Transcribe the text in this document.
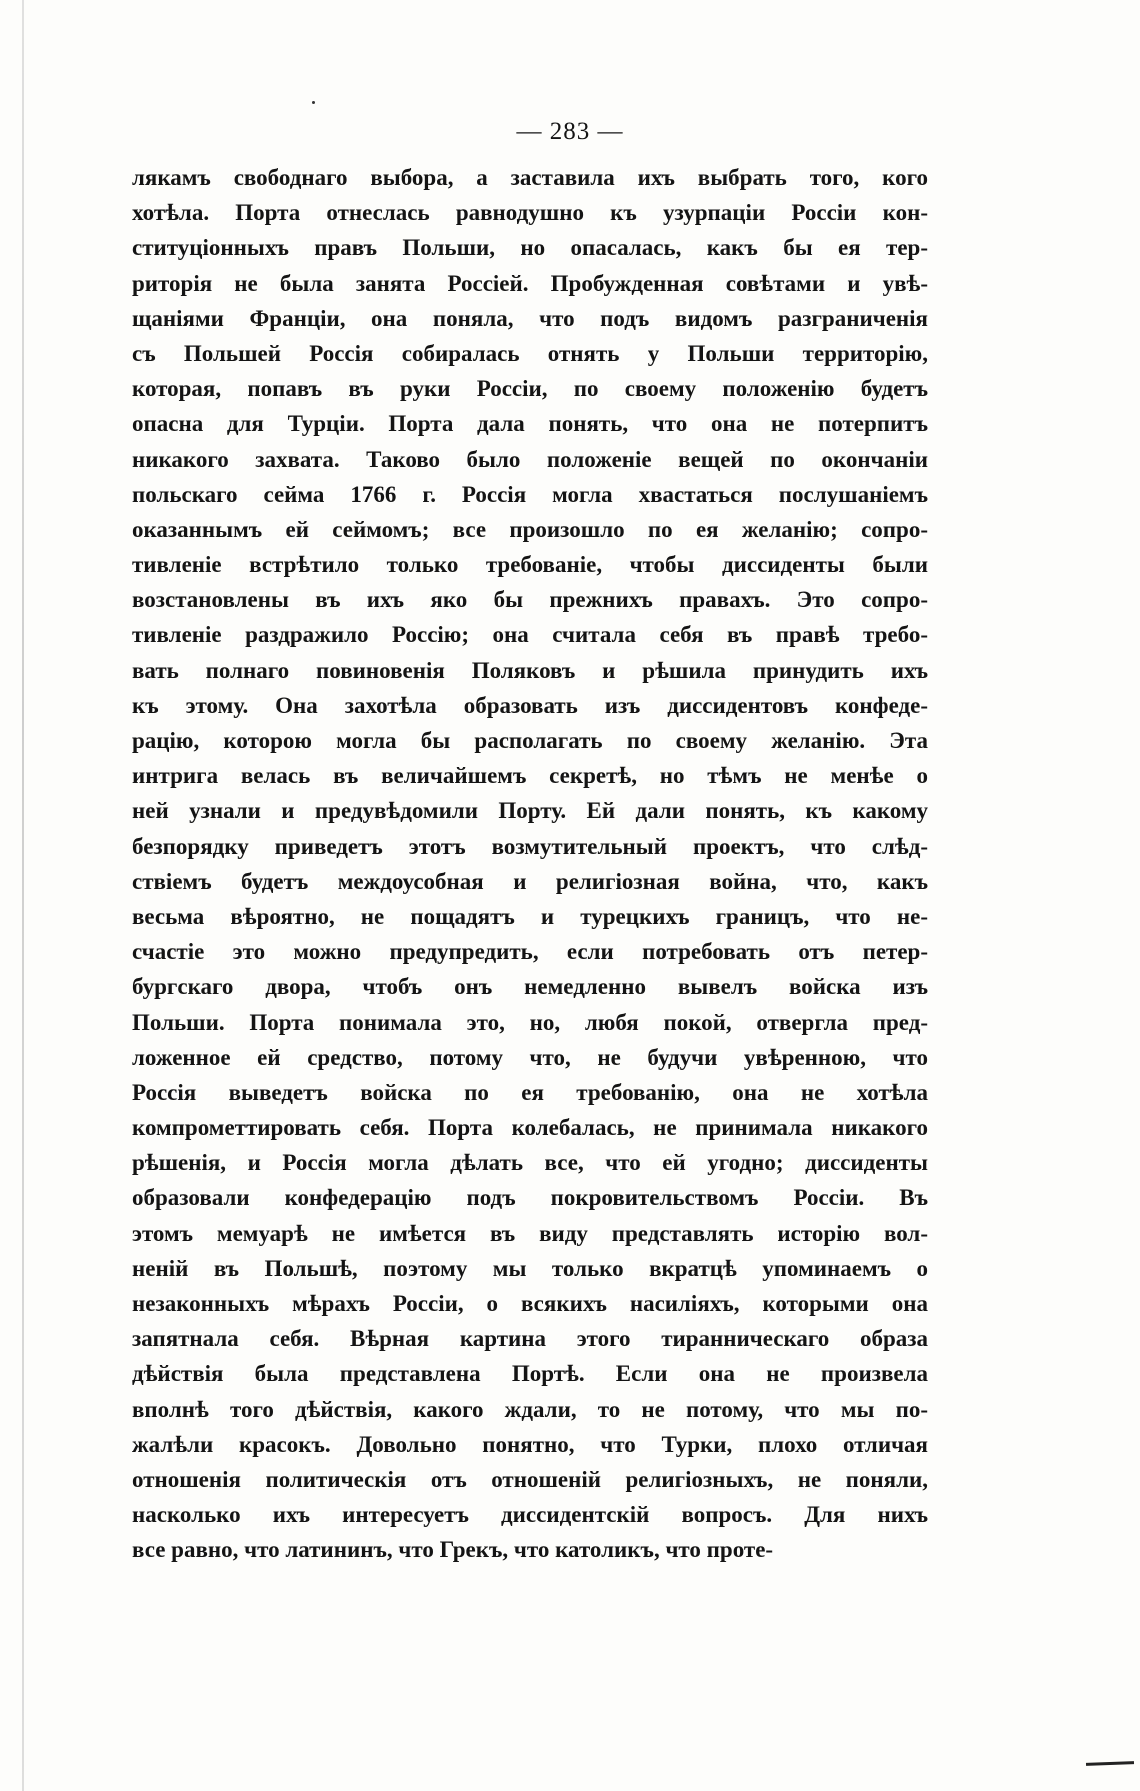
— 283 —
лякамъ свободнаго выбора, а заставила ихъ выбрать того, кого
хотѣла. Порта отнеслась равнодушно къ узурпаціи Россіи кон-
ституціонныхъ правъ Польши, но опасалась, какъ бы ея тер-
риторія не была занята Россіей. Пробужденная совѣтами и увѣ-
щаніями Франціи, она поняла, что подъ видомъ разграниченія
съ Польшей Россія собиралась отнять у Польши территорію,
которая, попавъ въ руки Россіи, по своему положенію будетъ
опасна для Турціи. Порта дала понять, что она не потерпитъ
никакого захвата. Таково было положеніе вещей по окончаніи
польскаго сейма 1766 г. Россія могла хвастаться послушаніемъ
оказаннымъ ей сеймомъ; все произошло по ея желанію; сопро-
тивленіе встрѣтило только требованіе, чтобы диссиденты были
возстановлены въ ихъ яко бы прежнихъ правахъ. Это сопро-
тивленіе раздражило Россію; она считала себя въ правѣ требо-
вать полнаго повиновенія Поляковъ и рѣшила принудить ихъ
къ этому. Она захотѣла образовать изъ диссидентовъ конфеде-
рацію, которою могла бы располагать по своему желанію. Эта
интрига велась въ величайшемъ секретѣ, но тѣмъ не менѣе о
ней узнали и предувѣдомили Порту. Ей дали понять, къ какому
безпорядку приведетъ этотъ возмутительный проектъ, что слѣд-
ствіемъ будетъ междоусобная и религіозная война, что, какъ
весьма вѣроятно, не пощадятъ и турецкихъ границъ, что не-
счастіе это можно предупредить, если потребовать отъ петер-
бургскаго двора, чтобъ онъ немедленно вывелъ войска изъ
Польши. Порта понимала это, но, любя покой, отвергла пред-
ложенное ей средство, потому что, не будучи увѣренною, что
Россія выведетъ войска по ея требованію, она не хотѣла
компрометтировать себя. Порта колебалась, не принимала никакого
рѣшенія, и Россія могла дѣлать все, что ей угодно; диссиденты
образовали конфедерацію подъ покровительствомъ Россіи. Въ
этомъ мемуарѣ не имѣется въ виду представлять исторію вол-
неній въ Польшѣ, поэтому мы только вкратцѣ упоминаемъ о
незаконныхъ мѣрахъ Россіи, о всякихъ насиліяхъ, которыми она
запятнала себя. Вѣрная картина этого тиранническаго образа
дѣйствія была представлена Портѣ. Если она не произвела
вполнѣ того дѣйствія, какого ждали, то не потому, что мы по-
жалѣли красокъ. Довольно понятно, что Турки, плохо отличая
отношенія политическія отъ отношеній религіозныхъ, не поняли,
насколько ихъ интересуетъ диссидентскій вопросъ. Для нихъ
все равно, что латининъ, что Грекъ, что католикъ, что проте-
